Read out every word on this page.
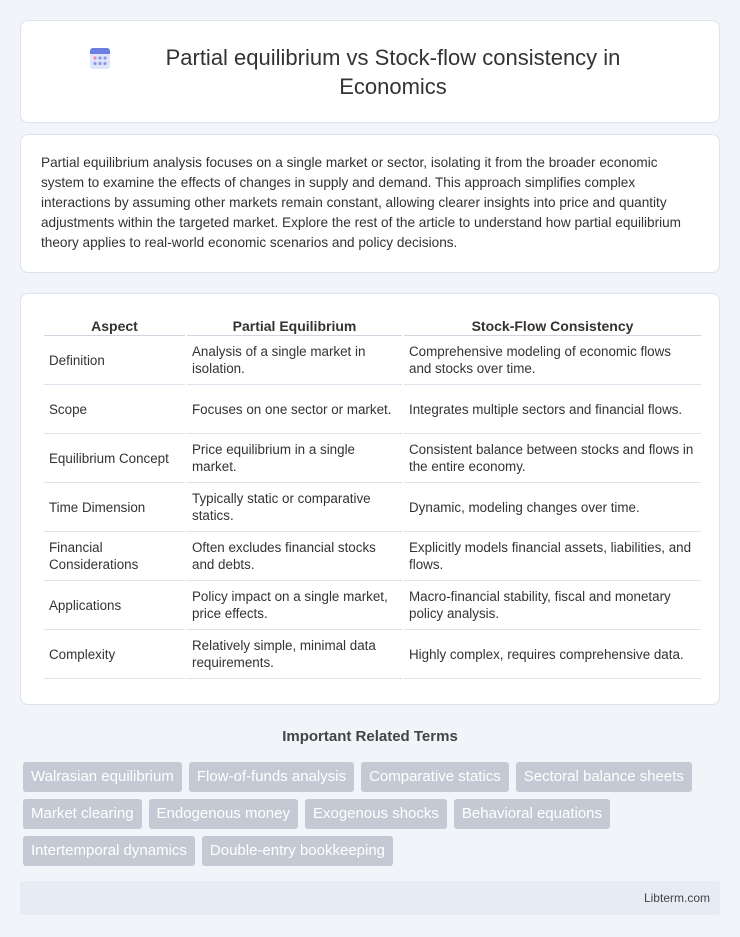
Partial equilibrium vs Stock-flow consistency in Economics

Partial equilibrium analysis focuses on a single market or sector, isolating it from the broader economic system to examine the effects of changes in supply and demand. This approach simplifies complex interactions by assuming other markets remain constant, allowing clearer insights into price and quantity adjustments within the targeted market. Explore the rest of the article to understand how partial equilibrium theory applies to real-world economic scenarios and policy decisions.

Aspect	Partial Equilibrium	Stock-Flow Consistency
Definition	Analysis of a single market in isolation.	Comprehensive modeling of economic flows and stocks over time.
Scope	Focuses on one sector or market.	Integrates multiple sectors and financial flows.
Equilibrium Concept	Price equilibrium in a single market.	Consistent balance between stocks and flows in the entire economy.
Time Dimension	Typically static or comparative statics.	Dynamic, modeling changes over time.
Financial Considerations	Often excludes financial stocks and debts.	Explicitly models financial assets, liabilities, and flows.
Applications	Policy impact on a single market, price effects.	Macro-financial stability, fiscal and monetary policy analysis.
Complexity	Relatively simple, minimal data requirements.	Highly complex, requires comprehensive data.
Important Related Terms
Walrasian equilibrium	Flow-of-funds analysis	Comparative statics	Sectoral balance sheets
Market clearing	Endogenous money	Exogenous shocks	Behavioral equations
Intertemporal dynamics	Double-entry bookkeeping
Libterm.com
